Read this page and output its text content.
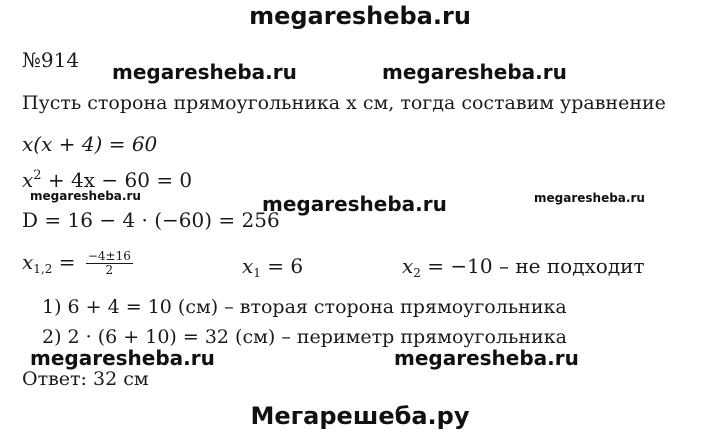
megaresheba.ru
№914 megaresheba.ru	megaresheba.ru
Пусть сторона прямоугольника х см, тогда составим уравнение
x(x + 4) = 60
$x^2 + 4x - 60 = 0$
megaresheba.ru	megaresheba.ru	megaresheba.ru
D = 16 − 4 · (−60) = 256
$x_{1,2} = \frac{-4\pm 16}{2}$	$x_1 = 6$	$x_2 = -10$ – не подходит
1) 6 + 4 = 10 (см) – вторая сторона прямоугольника
2) 2 · (6 + 10) = 32 (см) – периметр прямоугольника
megaresheba.ru	megaresheba.ru
Ответ: 32 см
Мегарешеба.ру
